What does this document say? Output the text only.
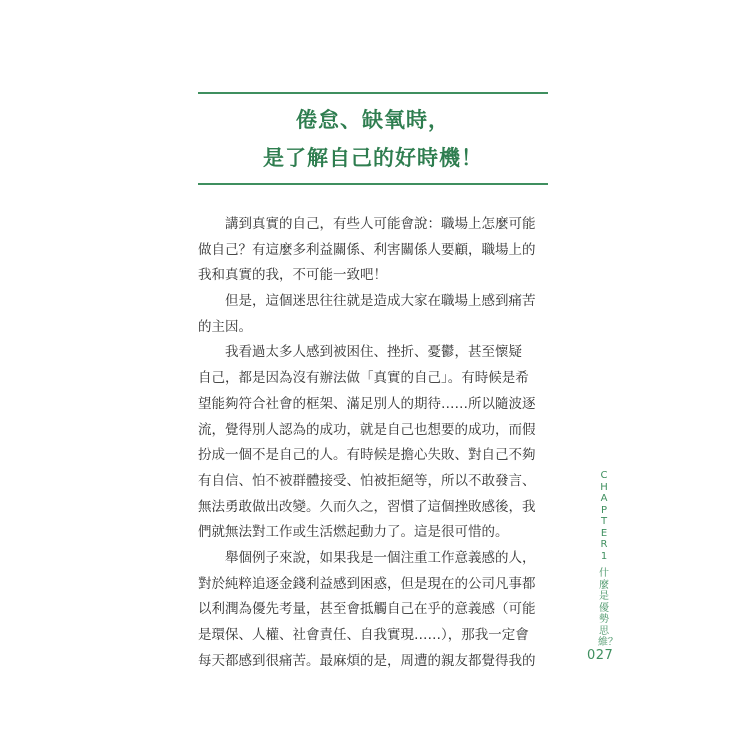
倦怠、缺氧時，
是了解自己的好時機！
　　講到真實的自己，有些人可能會說：職場上怎麼可能
做自己？有這麼多利益關係、利害關係人要顧，職場上的
我和真實的我，不可能一致吧！
　　但是，這個迷思往往就是造成大家在職場上感到痛苦
的主因。
　　我看過太多人感到被困住、挫折、憂鬱，甚至懷疑
自己，都是因為沒有辦法做「真實的自己」。有時候是希
望能夠符合社會的框架、滿足別人的期待……所以隨波逐
流，覺得別人認為的成功，就是自己也想要的成功，而假
扮成一個不是自己的人。有時候是擔心失敗、對自己不夠
有自信、怕不被群體接受、怕被拒絕等，所以不敢發言、
無法勇敢做出改變。久而久之，習慣了這個挫敗感後，我
們就無法對工作或生活燃起動力了。這是很可惜的。
　　舉個例子來說，如果我是一個注重工作意義感的人，
對於純粹追逐金錢利益感到困惑，但是現在的公司凡事都
以利潤為優先考量，甚至會抵觸自己在乎的意義感（可能
是環保、人權、社會責任、自我實現……），那我一定會
每天都感到很痛苦。最麻煩的是，周遭的親友都覺得我的
CHAPTER 1
什麼是優勢思維？
027
